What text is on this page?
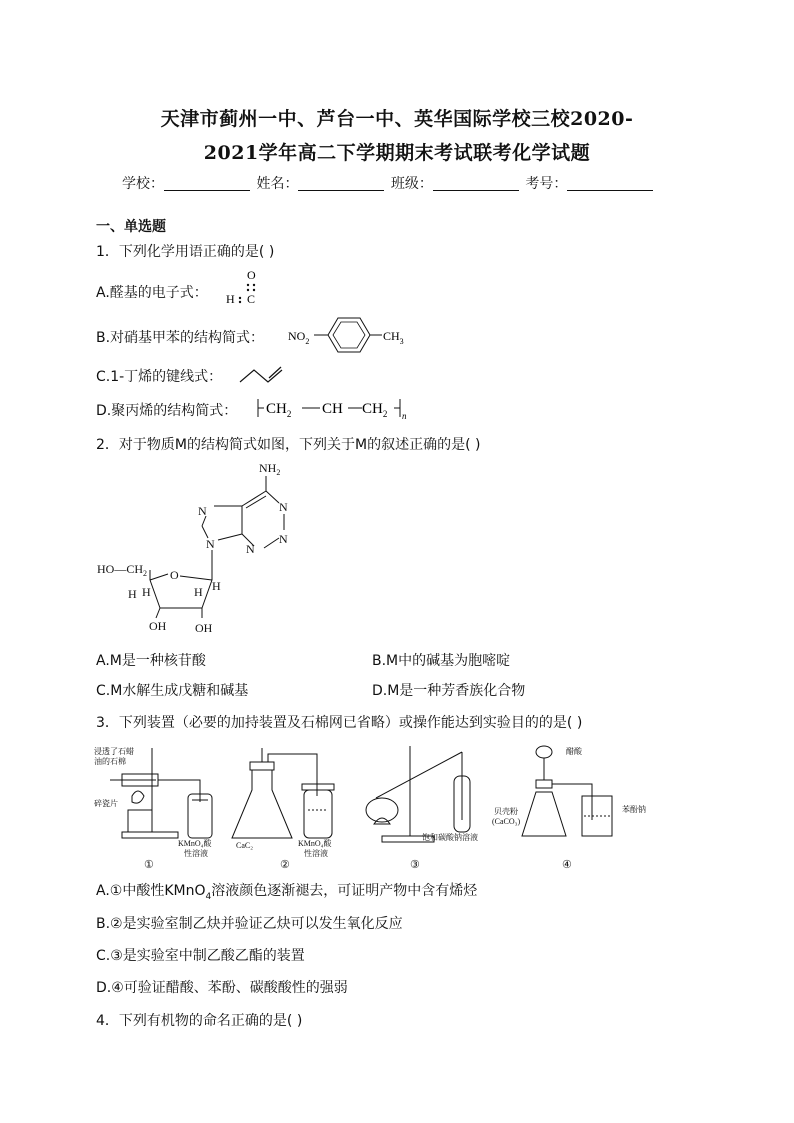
天津市蓟州一中、芦台一中、英华国际学校三校2020-
2021学年高二下学期期末考试联考化学试题
学校：	姓名：	班级：	考号：
一、单选题
1．下列化学用语正确的是( )
A.醛基的电子式：
O
H C
B.对硝基甲苯的结构简式： $NO_2$	$CH_3$
C.1-丁烯的键线式：
D.聚丙烯的结构简式： $CH_2$ CH $CH_2$ n
2．对于物质M的结构简式如图，下列关于M的叙述正确的是( )
$NH_2$
N
N
N
N
N
$HO—CH_2$ O
H	H H
H
OH OH
A.M是一种核苷酸	B.M中的碱基为胞嘧啶
C.M水解生成戊糖和碱基	D.M是一种芳香族化合物
3．下列装置（必要的加持装置及石棉网已省略）或操作能达到实验目的的是( )
浸透了石蜡
油的石棉
碎瓷片
KMnO₄酸
性溶液
CaC₂	KMnO₄酸
性溶液
饱和碳酸钠溶液
醋酸
贝壳粉
(CaCO₃)
苯酚钠
①	②	③	④
A.①中酸性KMnO$_4$溶液颜色逐渐褪去，可证明产物中含有烯烃
B.②是实验室制乙炔并验证乙炔可以发生氧化反应
C.③是实验室中制乙酸乙酯的装置
D.④可验证醋酸、苯酚、碳酸酸性的强弱
4．下列有机物的命名正确的是( )
